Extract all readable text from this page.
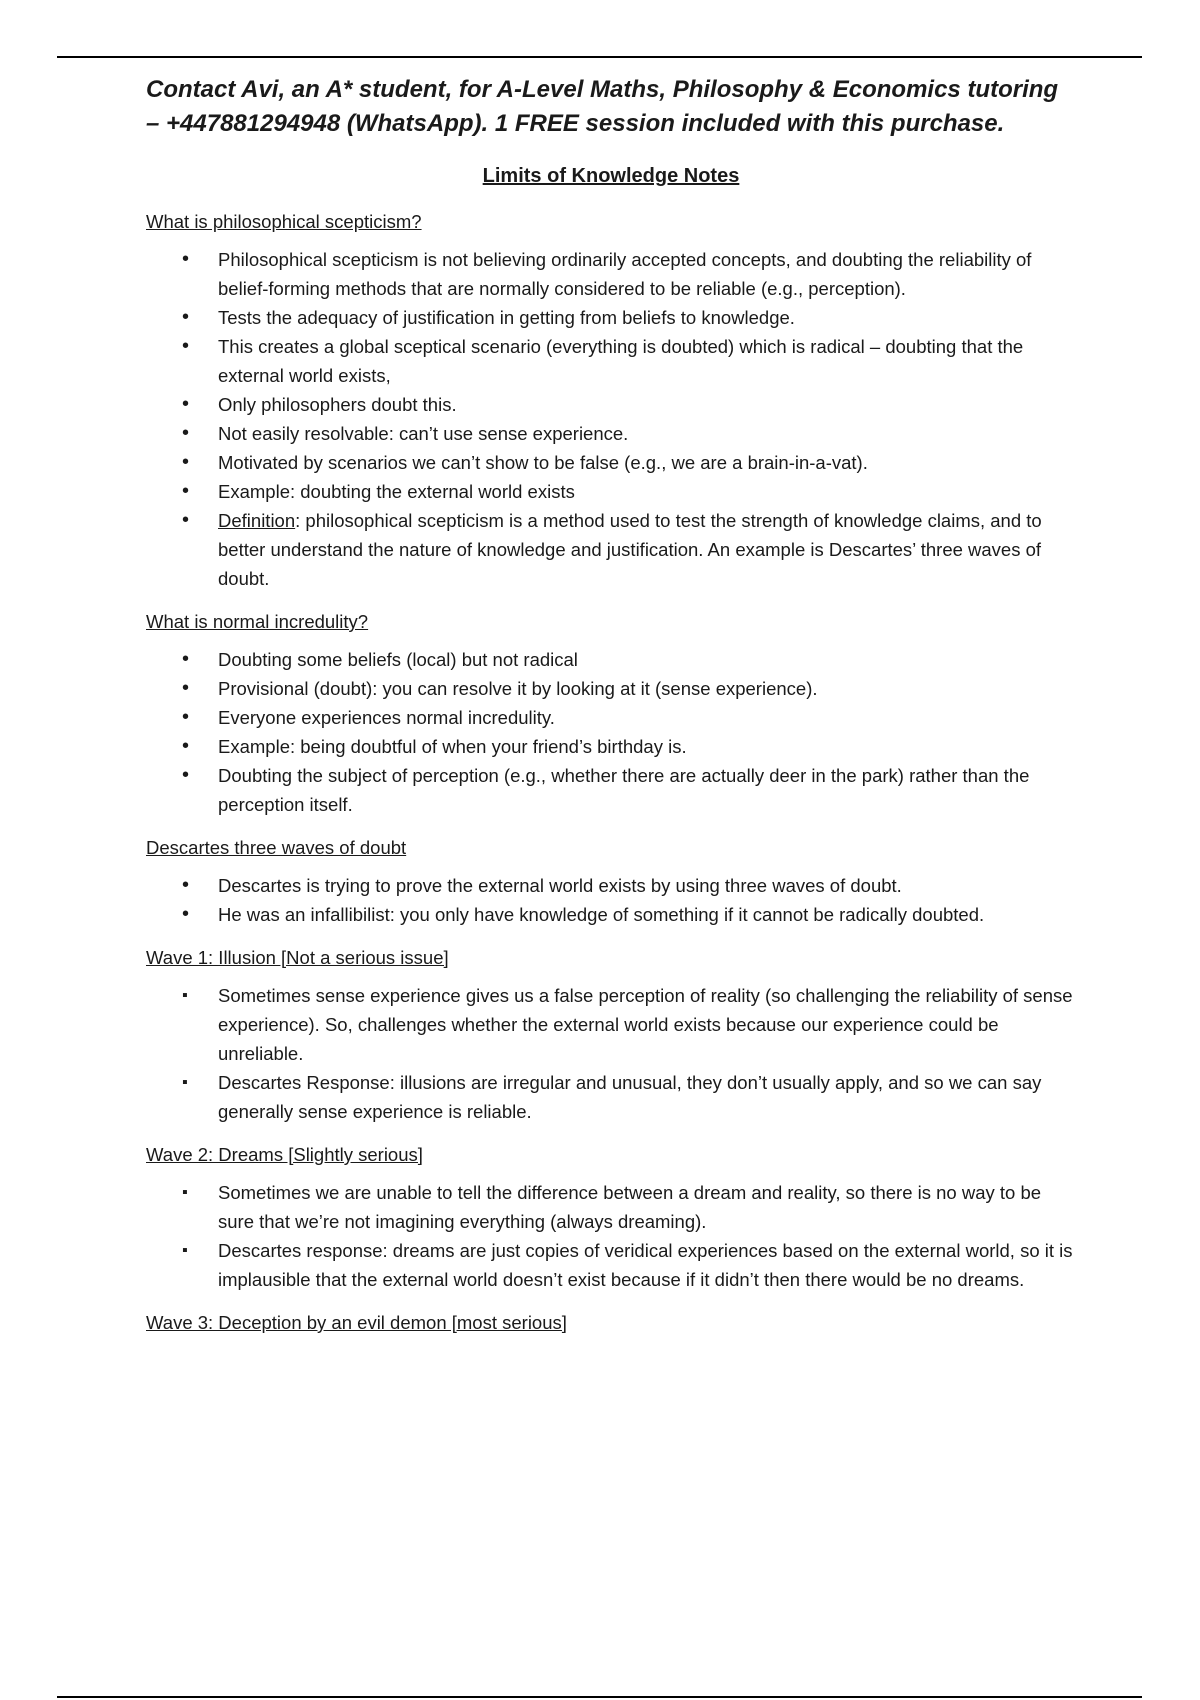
Contact Avi, an A* student, for A-Level Maths, Philosophy & Economics tutoring – +447881294948 (WhatsApp). 1 FREE session included with this purchase.

Limits of Knowledge Notes
What is philosophical scepticism?
• Philosophical scepticism is not believing ordinarily accepted concepts, and doubting the reliability of belief-forming methods that are normally considered to be reliable (e.g., perception).
• Tests the adequacy of justification in getting from beliefs to knowledge.
• This creates a global sceptical scenario (everything is doubted) which is radical – doubting that the external world exists,
• Only philosophers doubt this.
• Not easily resolvable: can’t use sense experience.
• Motivated by scenarios we can’t show to be false (e.g., we are a brain-in-a-vat).
• Example: doubting the external world exists
• Definition: philosophical scepticism is a method used to test the strength of knowledge claims, and to better understand the nature of knowledge and justification. An example is Descartes’ three waves of doubt.
What is normal incredulity?
• Doubting some beliefs (local) but not radical
• Provisional (doubt): you can resolve it by looking at it (sense experience).
• Everyone experiences normal incredulity.
• Example: being doubtful of when your friend’s birthday is.
• Doubting the subject of perception (e.g., whether there are actually deer in the park) rather than the perception itself.
Descartes three waves of doubt
• Descartes is trying to prove the external world exists by using three waves of doubt.
• He was an infallibilist: you only have knowledge of something if it cannot be radically doubted.
Wave 1: Illusion [Not a serious issue]
▪ Sometimes sense experience gives us a false perception of reality (so challenging the reliability of sense experience). So, challenges whether the external world exists because our experience could be unreliable.
▪ Descartes Response: illusions are irregular and unusual, they don’t usually apply, and so we can say generally sense experience is reliable.
Wave 2: Dreams [Slightly serious]
▪ Sometimes we are unable to tell the difference between a dream and reality, so there is no way to be sure that we’re not imagining everything (always dreaming).
▪ Descartes response: dreams are just copies of veridical experiences based on the external world, so it is implausible that the external world doesn’t exist because if it didn’t then there would be no dreams.
Wave 3: Deception by an evil demon [most serious]
